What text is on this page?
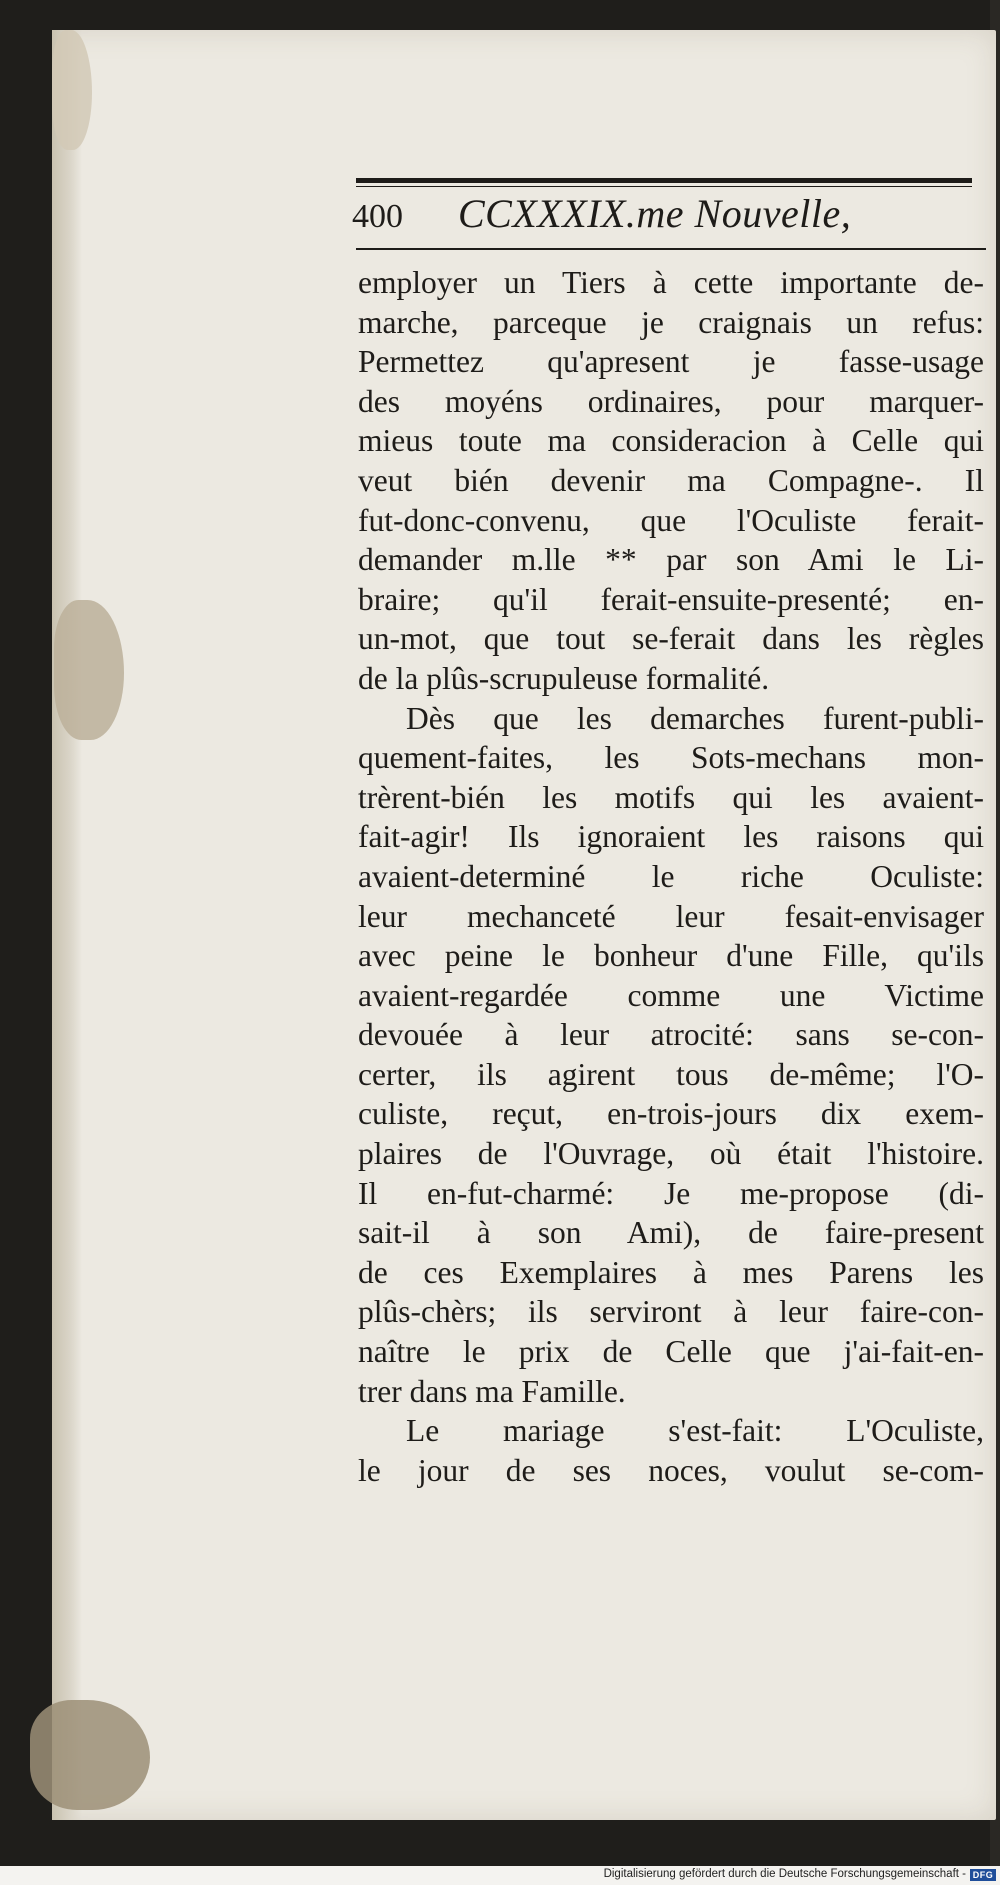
400 CCXXXIX.me Nouvelle,
employer un Tiers à cette importante de-
marche, parceque je craignais un refus:
Permettez qu'apresent je fasse-usage
des moyéns ordinaires, pour marquer-
mieus toute ma consideracion à Celle qui
veut bién devenir ma Compagne-. Il
fut-donc-convenu, que l'Oculiste ferait-
demander m.lle ** par son Ami le Li-
braire; qu'il ferait-ensuite-presenté; en-
un-mot, que tout se-ferait dans les règles
de la plûs-scrupuleuse formalité.
Dès que les demarches furent-publi-
quement-faites, les Sots-mechans mon-
trèrent-bién les motifs qui les avaient-
fait-agir! Ils ignoraient les raisons qui
avaient-determiné le riche Oculiste:
leur mechanceté leur fesait-envisager
avec peine le bonheur d'une Fille, qu'ils
avaient-regardée comme une Victime
devouée à leur atrocité: sans se-con-
certer, ils agirent tous de-même; l'O-
culiste, reçut, en-trois-jours dix exem-
plaires de l'Ouvrage, où était l'histoire.
Il en-fut-charmé: Je me-propose (di-
sait-il à son Ami), de faire-present
de ces Exemplaires à mes Parens les
plûs-chèrs; ils serviront à leur faire-con-
naître le prix de Celle que j'ai-fait-en-
trer dans ma Famille.
Le mariage s'est-fait: L'Oculiste,
le jour de ses noces, voulut se-com-
Digitalisierung gefördert durch die Deutsche Forschungsgemeinschaft - DFG
